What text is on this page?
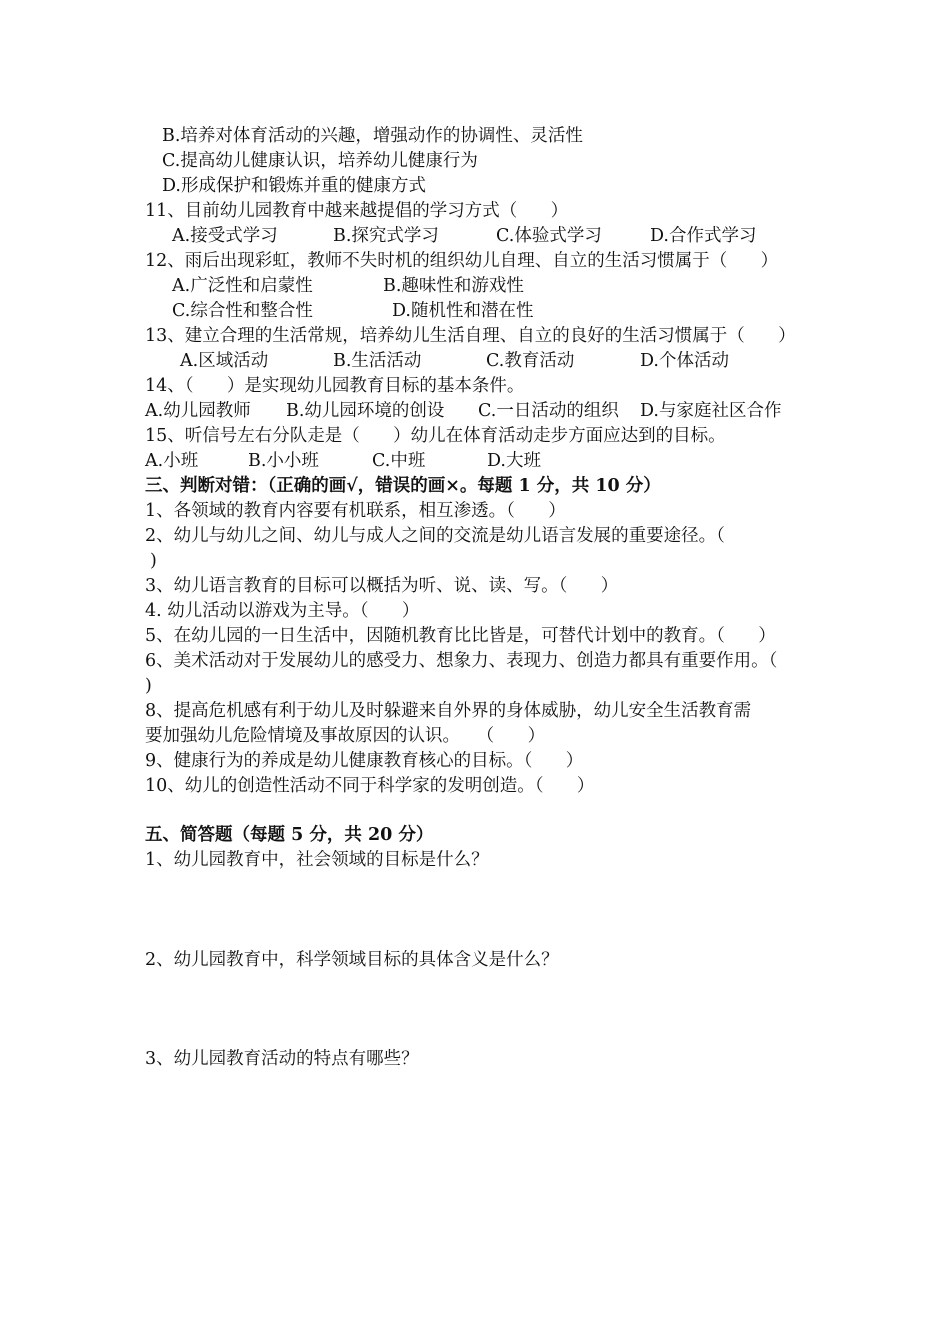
B.培养对体育活动的兴趣，增强动作的协调性、灵活性
C.提高幼儿健康认识，培养幼儿健康行为
D.形成保护和锻炼并重的健康方式
11、目前幼儿园教育中越来越提倡的学习方式（      ）
A.接受式学习	B.探究式学习	C.体验式学习	D.合作式学习
12、雨后出现彩虹，教师不失时机的组织幼儿自理、自立的生活习惯属于（      ）
A.广泛性和启蒙性	B.趣味性和游戏性
C.综合性和整合性	D.随机性和潜在性
13、建立合理的生活常规，培养幼儿生活自理、自立的良好的生活习惯属于（      ）
A.区域活动	B.生活活动	C.教育活动	D.个体活动
14、（      ）是实现幼儿园教育目标的基本条件。
A.幼儿园教师 B.幼儿园环境的创设 C.一日活动的组织 D.与家庭社区合作
15、听信号左右分队走是（      ）幼儿在体育活动走步方面应达到的目标。
A.小班	B.小小班	C.中班	D.大班
三、判断对错：（正确的画√，错误的画×。每题 1 分，共 10 分）
1、各领域的教育内容要有机联系，相互渗透。（      ）
2、幼儿与幼儿之间、幼儿与成人之间的交流是幼儿语言发展的重要途径。（
)
3、幼儿语言教育的目标可以概括为听、说、读、写。（      ）
4. 幼儿活动以游戏为主导。（      ）
5、在幼儿园的一日生活中，因随机教育比比皆是，可替代计划中的教育。（      ）
6、美术活动对于发展幼儿的感受力、想象力、表现力、创造力都具有重要作用。（
)
8、提高危机感有利于幼儿及时躲避来自外界的身体威胁，幼儿安全生活教育需
要加强幼儿危险情境及事故原因的认识。   （      ）
9、健康行为的养成是幼儿健康教育核心的目标。（      ）
10、幼儿的创造性活动不同于科学家的发明创造。（      ）
五、简答题（每题 5 分，共 20 分）
1、幼儿园教育中，社会领域的目标是什么？
2、幼儿园教育中，科学领域目标的具体含义是什么？
3、幼儿园教育活动的特点有哪些？
